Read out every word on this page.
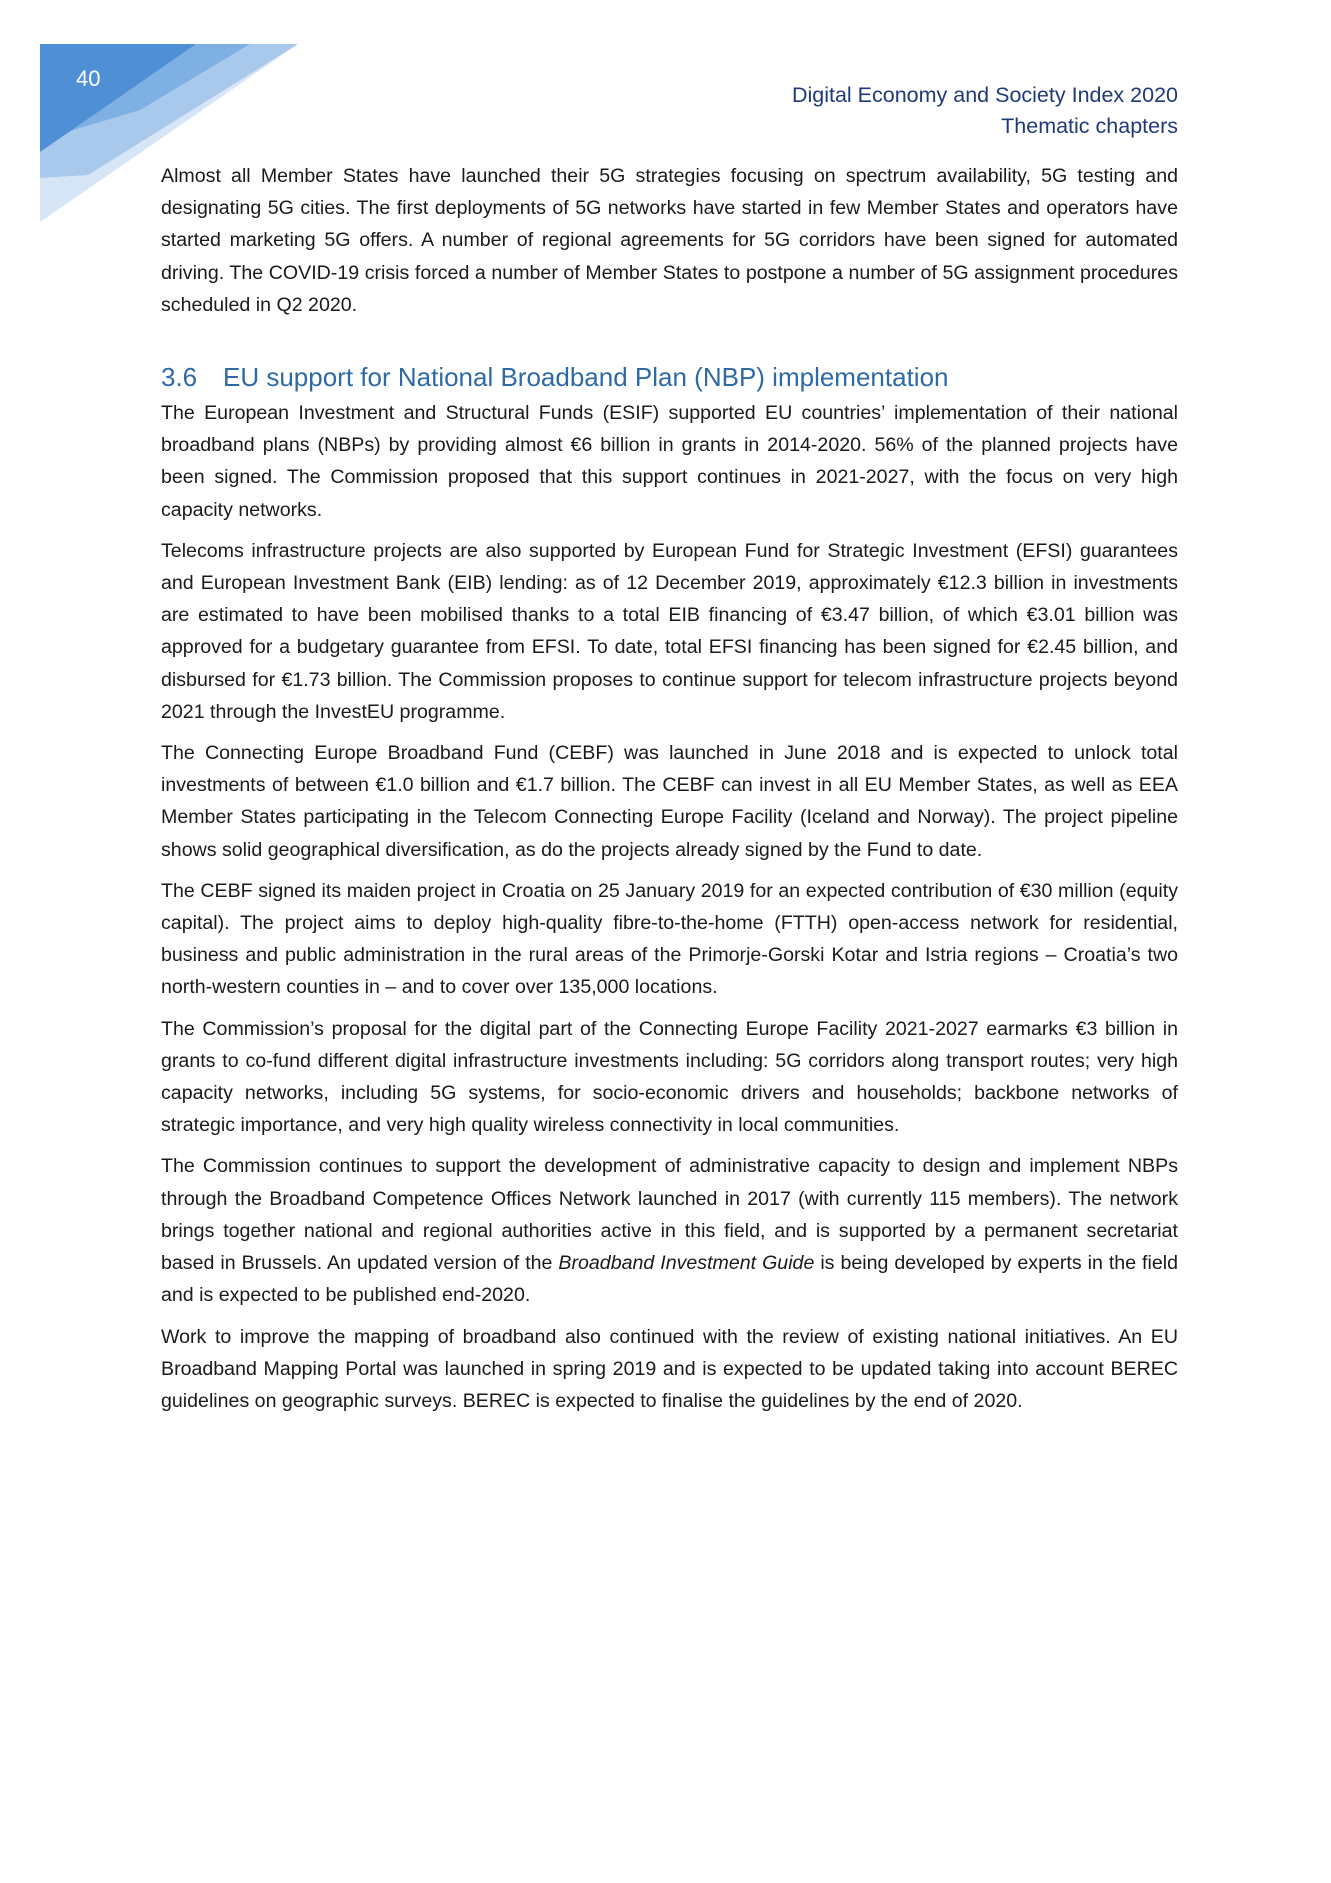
40
Digital Economy and Society Index 2020
Thematic chapters

Almost all Member States have launched their 5G strategies focusing on spectrum availability, 5G testing and designating 5G cities. The first deployments of 5G networks have started in few Member States and operators have started marketing 5G offers. A number of regional agreements for 5G corridors have been signed for automated driving. The COVID-19 crisis forced a number of Member States to postpone a number of 5G assignment procedures scheduled in Q2 2020.

3.6 EU support for National Broadband Plan (NBP) implementation

The European Investment and Structural Funds (ESIF) supported EU countries’ implementation of their national broadband plans (NBPs) by providing almost €6 billion in grants in 2014-2020. 56% of the planned projects have been signed. The Commission proposed that this support continues in 2021-2027, with the focus on very high capacity networks.

Telecoms infrastructure projects are also supported by European Fund for Strategic Investment (EFSI) guarantees and European Investment Bank (EIB) lending: as of 12 December 2019, approximately €12.3 billion in investments are estimated to have been mobilised thanks to a total EIB financing of €3.47 billion, of which €3.01 billion was approved for a budgetary guarantee from EFSI. To date, total EFSI financing has been signed for €2.45 billion, and disbursed for €1.73 billion. The Commission proposes to continue support for telecom infrastructure projects beyond 2021 through the InvestEU programme.

The Connecting Europe Broadband Fund (CEBF) was launched in June 2018 and is expected to unlock total investments of between €1.0 billion and €1.7 billion. The CEBF can invest in all EU Member States, as well as EEA Member States participating in the Telecom Connecting Europe Facility (Iceland and Norway). The project pipeline shows solid geographical diversification, as do the projects already signed by the Fund to date.

The CEBF signed its maiden project in Croatia on 25 January 2019 for an expected contribution of €30 million (equity capital). The project aims to deploy high-quality fibre-to-the-home (FTTH) open-access network for residential, business and public administration in the rural areas of the Primorje-Gorski Kotar and Istria regions – Croatia’s two north-western counties in – and to cover over 135,000 locations.

The Commission’s proposal for the digital part of the Connecting Europe Facility 2021-2027 earmarks €3 billion in grants to co-fund different digital infrastructure investments including: 5G corridors along transport routes; very high capacity networks, including 5G systems, for socio-economic drivers and households; backbone networks of strategic importance, and very high quality wireless connectivity in local communities.

The Commission continues to support the development of administrative capacity to design and implement NBPs through the Broadband Competence Offices Network launched in 2017 (with currently 115 members). The network brings together national and regional authorities active in this field, and is supported by a permanent secretariat based in Brussels. An updated version of the Broadband Investment Guide is being developed by experts in the field and is expected to be published end-2020.

Work to improve the mapping of broadband also continued with the review of existing national initiatives. An EU Broadband Mapping Portal was launched in spring 2019 and is expected to be updated taking into account BEREC guidelines on geographic surveys. BEREC is expected to finalise the guidelines by the end of 2020.
